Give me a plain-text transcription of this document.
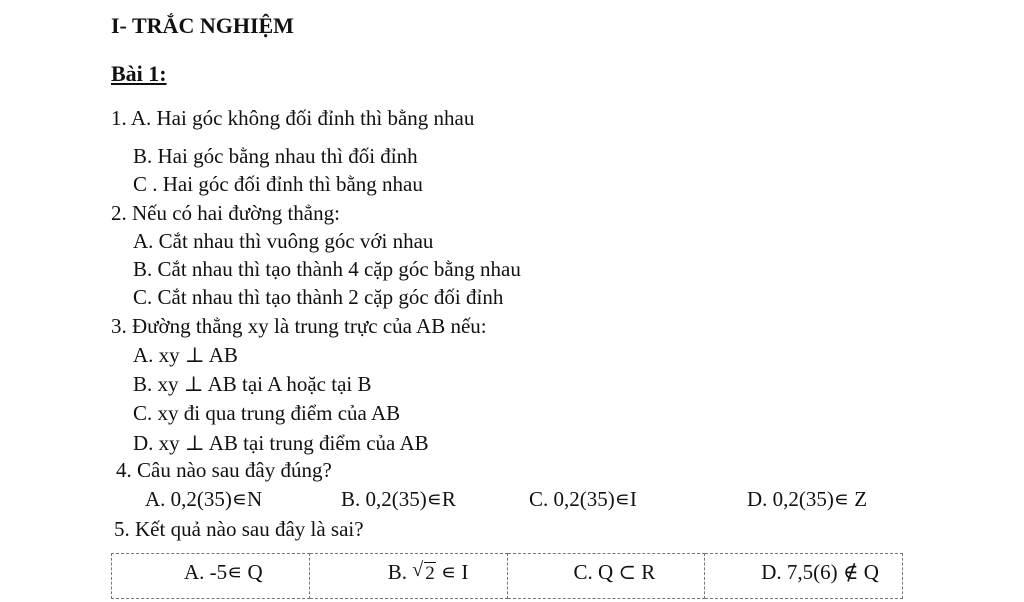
I- TRẮC NGHIỆM
Bài 1:
1. A. Hai góc không đối đỉnh thì bằng nhau
B. Hai góc bằng nhau thì đối đỉnh
C . Hai góc đối đỉnh thì bằng nhau
2. Nếu có hai đường thẳng:
A. Cắt nhau thì vuông góc với nhau
B. Cắt nhau thì tạo thành 4 cặp góc bằng nhau
C. Cắt nhau thì tạo thành 2 cặp góc đối đỉnh
3. Đường thẳng xy là trung trực của AB nếu:
A. xy ⊥ AB
B. xy ⊥ AB tại A hoặc tại B
C. xy đi qua trung điểm của AB
D. xy ⊥ AB tại trung điểm của AB
4. Câu nào sau đây đúng?
A. 0,2(35)∊N	B. 0,2(35)∊R	C. 0,2(35)∊I	D. 0,2(35)∊ Z
5. Kết quả nào sau đây là sai?
A. -5∊ Q	B. √ 2 ∊ I	C. Q ⊂ R	D. 7,5(6) ∉ Q
